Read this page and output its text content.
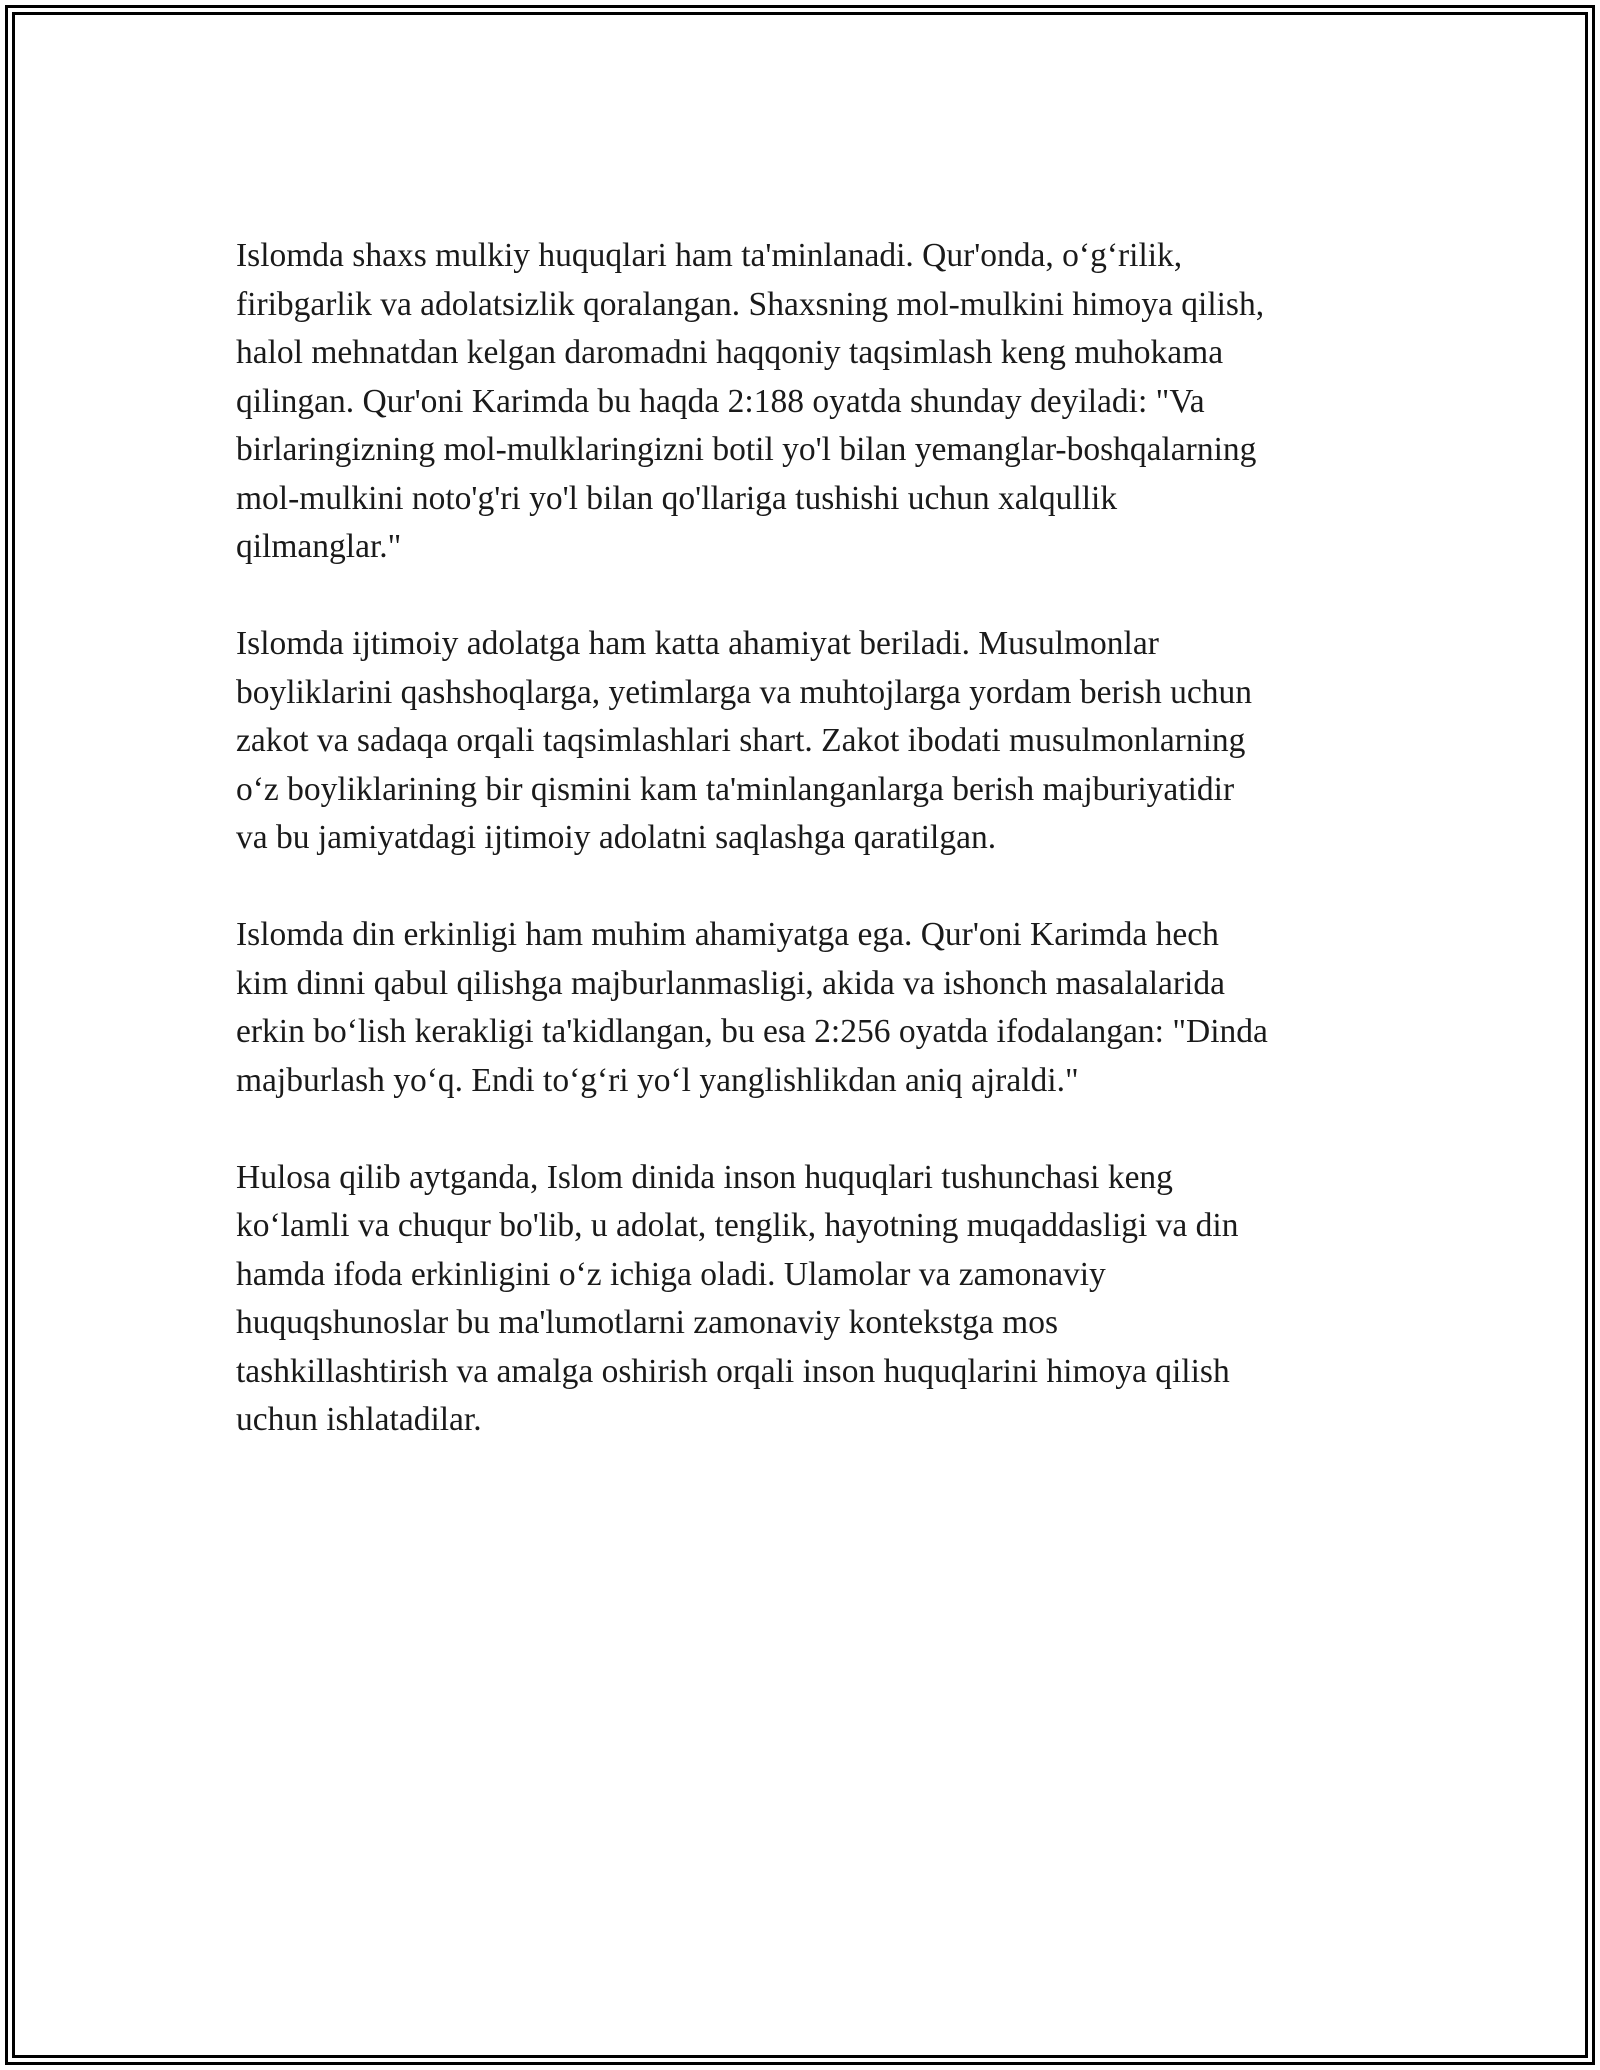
Islomda shaxs mulkiy huquqlari ham ta'minlanadi. Qur'onda, o‘g‘rilik,
firibgarlik va adolatsizlik qoralangan. Shaxsning mol-mulkini himoya qilish,
halol mehnatdan kelgan daromadni haqqoniy taqsimlash keng muhokama
qilingan. Qur'oni Karimda bu haqda 2:188 oyatda shunday deyiladi: "Va
birlaringizning mol-mulklaringizni botil yo'l bilan yemanglar-boshqalarning
mol-mulkini noto'g'ri yo'l bilan qo'llariga tushishi uchun xalqullik
qilmanglar."

Islomda ijtimoiy adolatga ham katta ahamiyat beriladi. Musulmonlar
boyliklarini qashshoqlarga, yetimlarga va muhtojlarga yordam berish uchun
zakot va sadaqa orqali taqsimlashlari shart. Zakot ibodati musulmonlarning
o‘z boyliklarining bir qismini kam ta'minlanganlarga berish majburiyatidir
va bu jamiyatdagi ijtimoiy adolatni saqlashga qaratilgan.

Islomda din erkinligi ham muhim ahamiyatga ega. Qur'oni Karimda hech
kim dinni qabul qilishga majburlanmasligi, akida va ishonch masalalarida
erkin bo‘lish kerakligi ta'kidlangan, bu esa 2:256 oyatda ifodalangan: "Dinda
majburlash yo‘q. Endi to‘g‘ri yo‘l yanglishlikdan aniq ajraldi."

Hulosa qilib aytganda, Islom dinida inson huquqlari tushunchasi keng
ko‘lamli va chuqur bo'lib, u adolat, tenglik, hayotning muqaddasligi va din
hamda ifoda erkinligini o‘z ichiga oladi. Ulamolar va zamonaviy
huquqshunoslar bu ma'lumotlarni zamonaviy kontekstga mos
tashkillashtirish va amalga oshirish orqali inson huquqlarini himoya qilish
uchun ishlatadilar.
